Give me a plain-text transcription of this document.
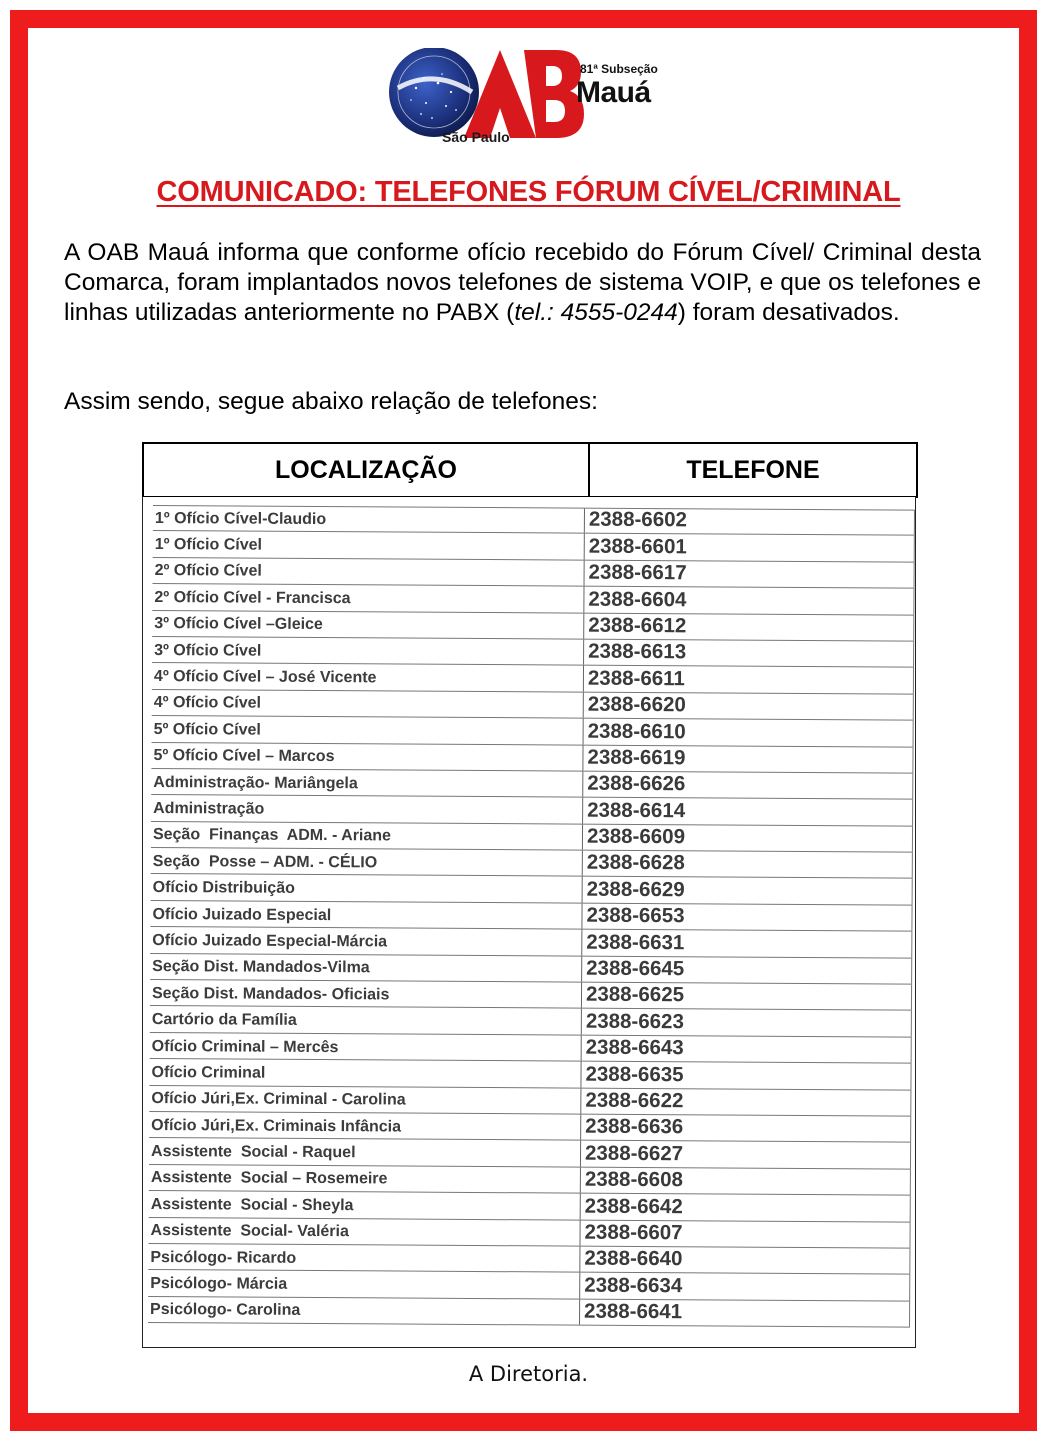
81ª Subseção
Mauá
São Paulo
COMUNICADO: TELEFONES FÓRUM CÍVEL/CRIMINAL

A OAB Mauá informa que conforme ofício recebido do Fórum Cível/ Criminal desta Comarca, foram implantados novos telefones de sistema VOIP, e que os telefones e linhas utilizadas anteriormente no PABX (tel.: 4555-0244) foram desativados.

Assim sendo, segue abaixo relação de telefones:

LOCALIZAÇÃO	TELEFONE
1º Ofício Cível-Claudio	2388-6602
1º Ofício Cível	2388-6601
2º Ofício Cível	2388-6617
2º Ofício Cível - Francisca	2388-6604
3º Ofício Cível –Gleice	2388-6612
3º Ofício Cível	2388-6613
4º Ofício Cível – José Vicente	2388-6611
4º Ofício Cível	2388-6620
5º Ofício Cível	2388-6610
5º Ofício Cível – Marcos	2388-6619
Administração- Mariângela	2388-6626
Administração	2388-6614
Seção  Finanças  ADM. - Ariane	2388-6609
Seção  Posse – ADM. - CÉLIO	2388-6628
Ofício Distribuição	2388-6629
Ofício Juizado Especial	2388-6653
Ofício Juizado Especial-Márcia	2388-6631
Seção Dist. Mandados-Vilma	2388-6645
Seção Dist. Mandados- Oficiais	2388-6625
Cartório da Família	2388-6623
Ofício Criminal – Mercês	2388-6643
Ofício Criminal	2388-6635
Ofício Júri,Ex. Criminal - Carolina	2388-6622
Ofício Júri,Ex. Criminais Infância	2388-6636
Assistente  Social - Raquel	2388-6627
Assistente  Social – Rosemeire	2388-6608
Assistente  Social - Sheyla	2388-6642
Assistente  Social- Valéria	2388-6607
Psicólogo- Ricardo	2388-6640
Psicólogo- Márcia	2388-6634
Psicólogo- Carolina	2388-6641
A Diretoria.
